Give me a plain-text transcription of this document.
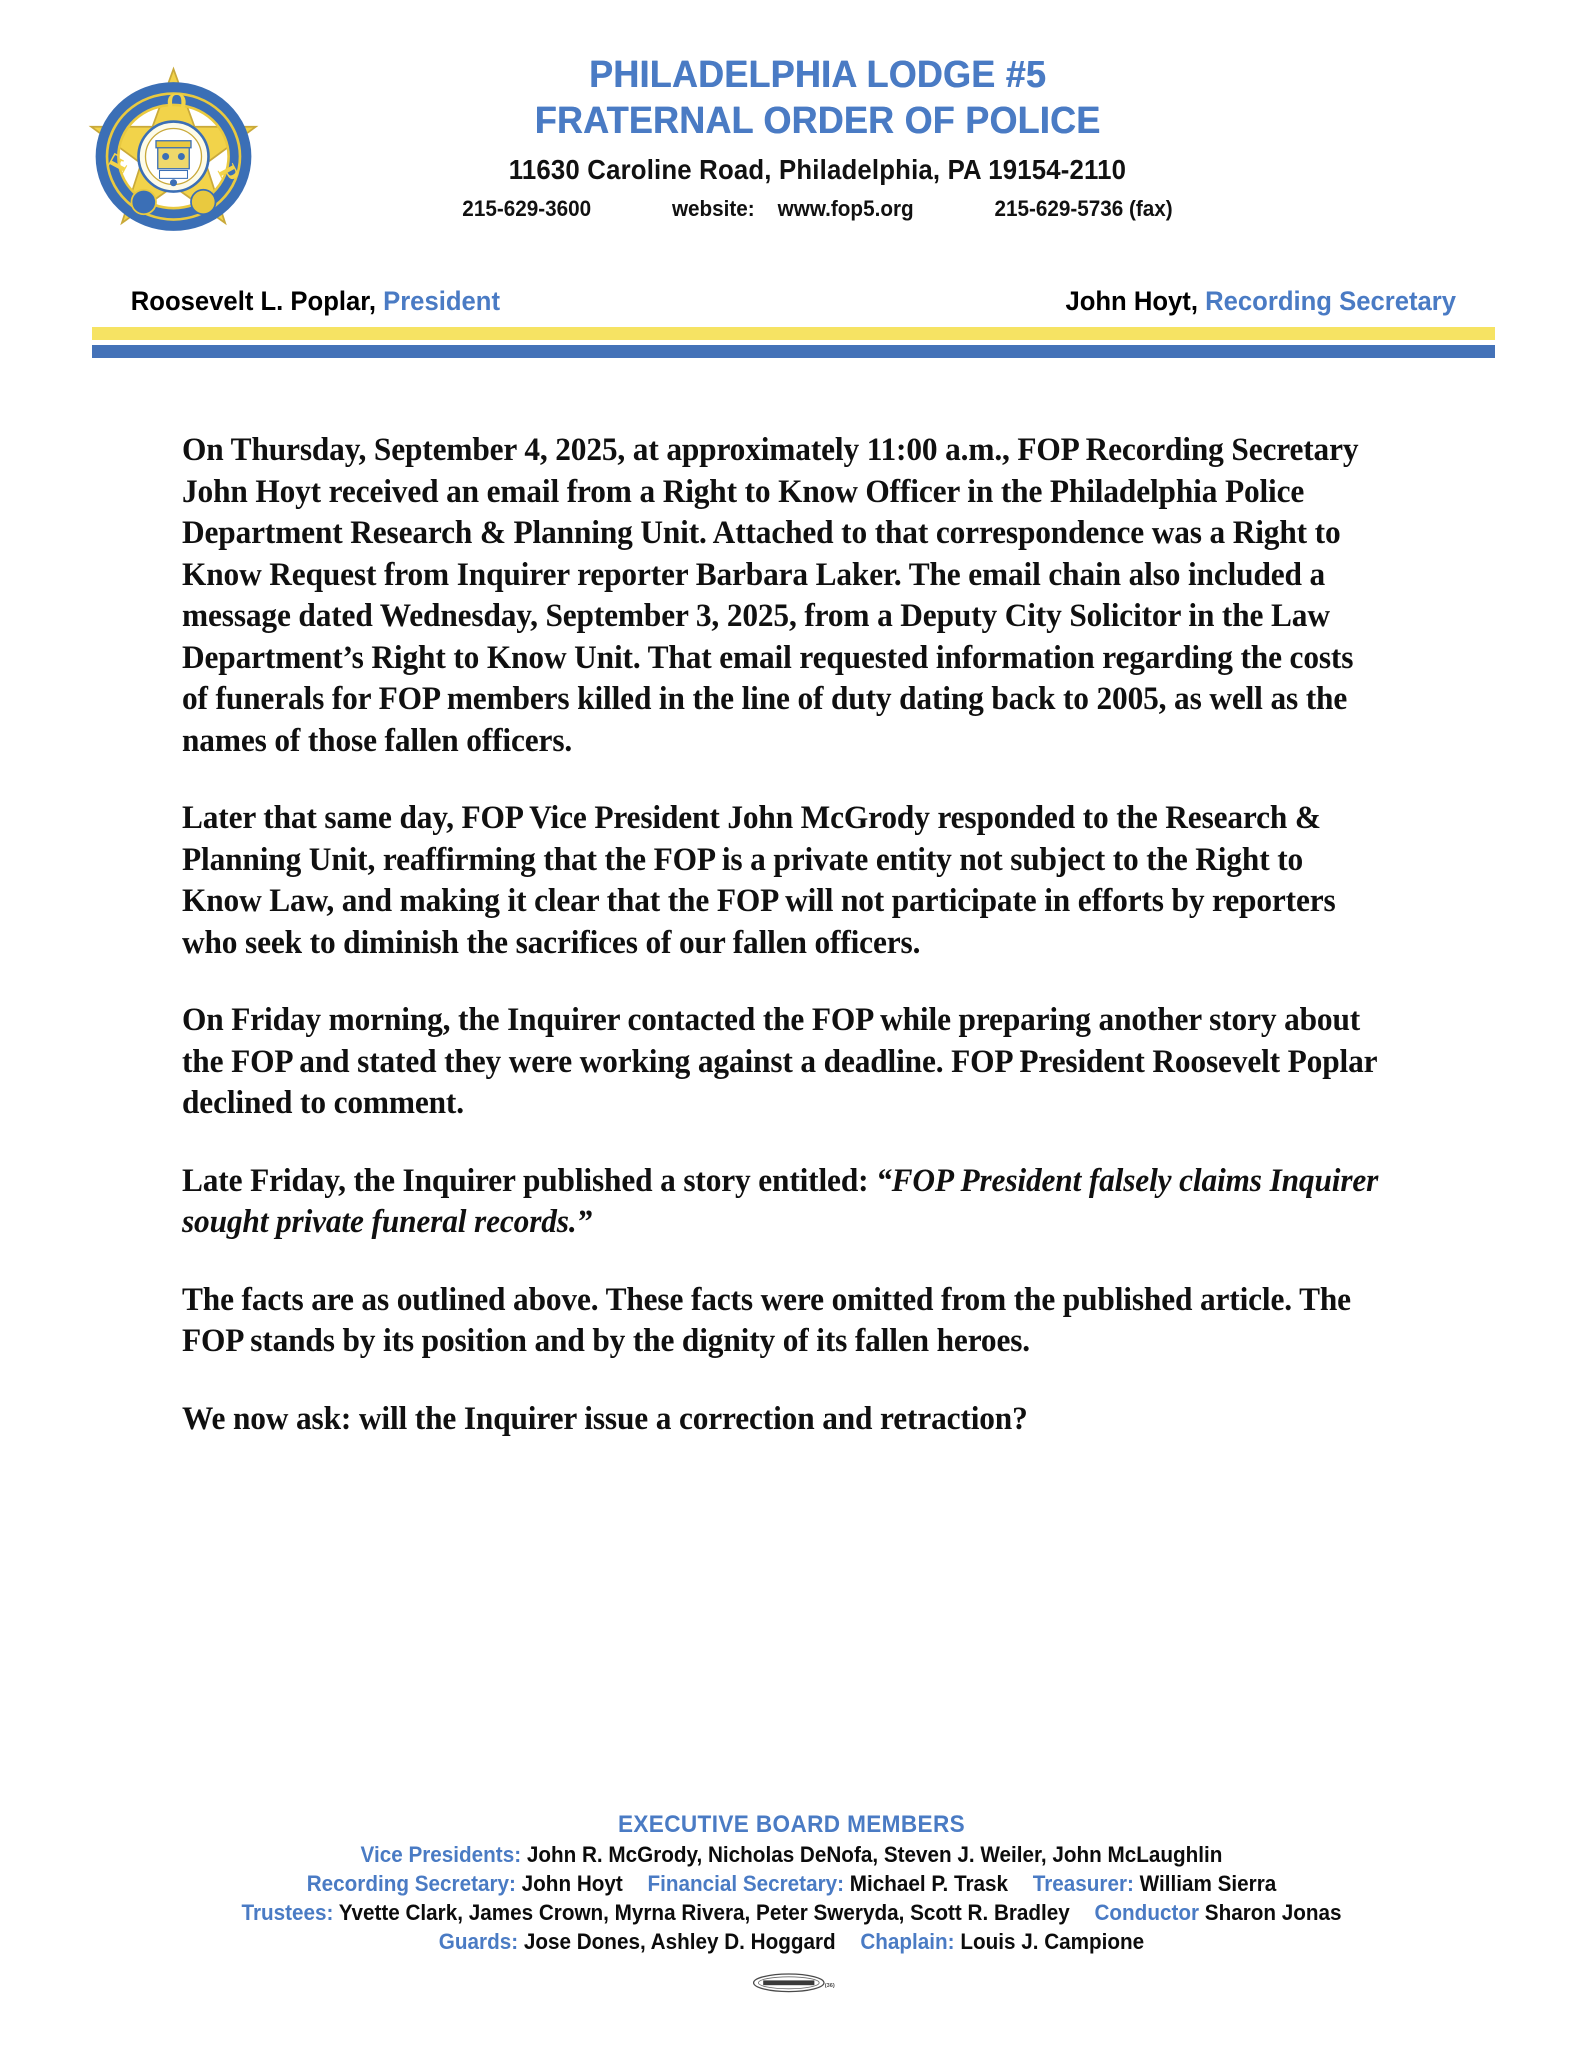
F
O
P
PHILADELPHIA LODGE #5
FRATERNAL ORDER OF POLICE
11630 Caroline Road, Philadelphia, PA 19154-2110
215-629-3600	website: www.fop5.org	215-629-5736 (fax)
Roosevelt L. Poplar, President	John Hoyt, Recording Secretary

On Thursday, September 4, 2025, at approximately 11:00 a.m., FOP Recording Secretary John Hoyt received an email from a Right to Know Officer in the Philadelphia Police Department Research & Planning Unit. Attached to that correspondence was a Right to Know Request from Inquirer reporter Barbara Laker. The email chain also included a message dated Wednesday, September 3, 2025, from a Deputy City Solicitor in the Law Department’s Right to Know Unit. That email requested information regarding the costs of funerals for FOP members killed in the line of duty dating back to 2005, as well as the names of those fallen officers.

Later that same day, FOP Vice President John McGrody responded to the Research & Planning Unit, reaffirming that the FOP is a private entity not subject to the Right to Know Law, and making it clear that the FOP will not participate in efforts by reporters who seek to diminish the sacrifices of our fallen officers.

On Friday morning, the Inquirer contacted the FOP while preparing another story about the FOP and stated they were working against a deadline. FOP President Roosevelt Poplar declined to comment.

Late Friday, the Inquirer published a story entitled: “FOP President falsely claims Inquirer sought private funeral records.”

The facts are as outlined above. These facts were omitted from the published article. The FOP stands by its position and by the dignity of its fallen heroes.

We now ask: will the Inquirer issue a correction and retraction?

EXECUTIVE BOARD MEMBERS
Vice Presidents: John R. McGrody, Nicholas DeNofa, Steven J. Weiler, John McLaughlin
Recording Secretary: John Hoyt Financial Secretary: Michael P. Trask Treasurer: William Sierra
Trustees: Yvette Clark, James Crown, Myrna Rivera, Peter Sweryda, Scott R. Bradley Conductor Sharon Jonas
Guards: Jose Dones, Ashley D. Hoggard Chaplain: Louis J. Campione
(36)
